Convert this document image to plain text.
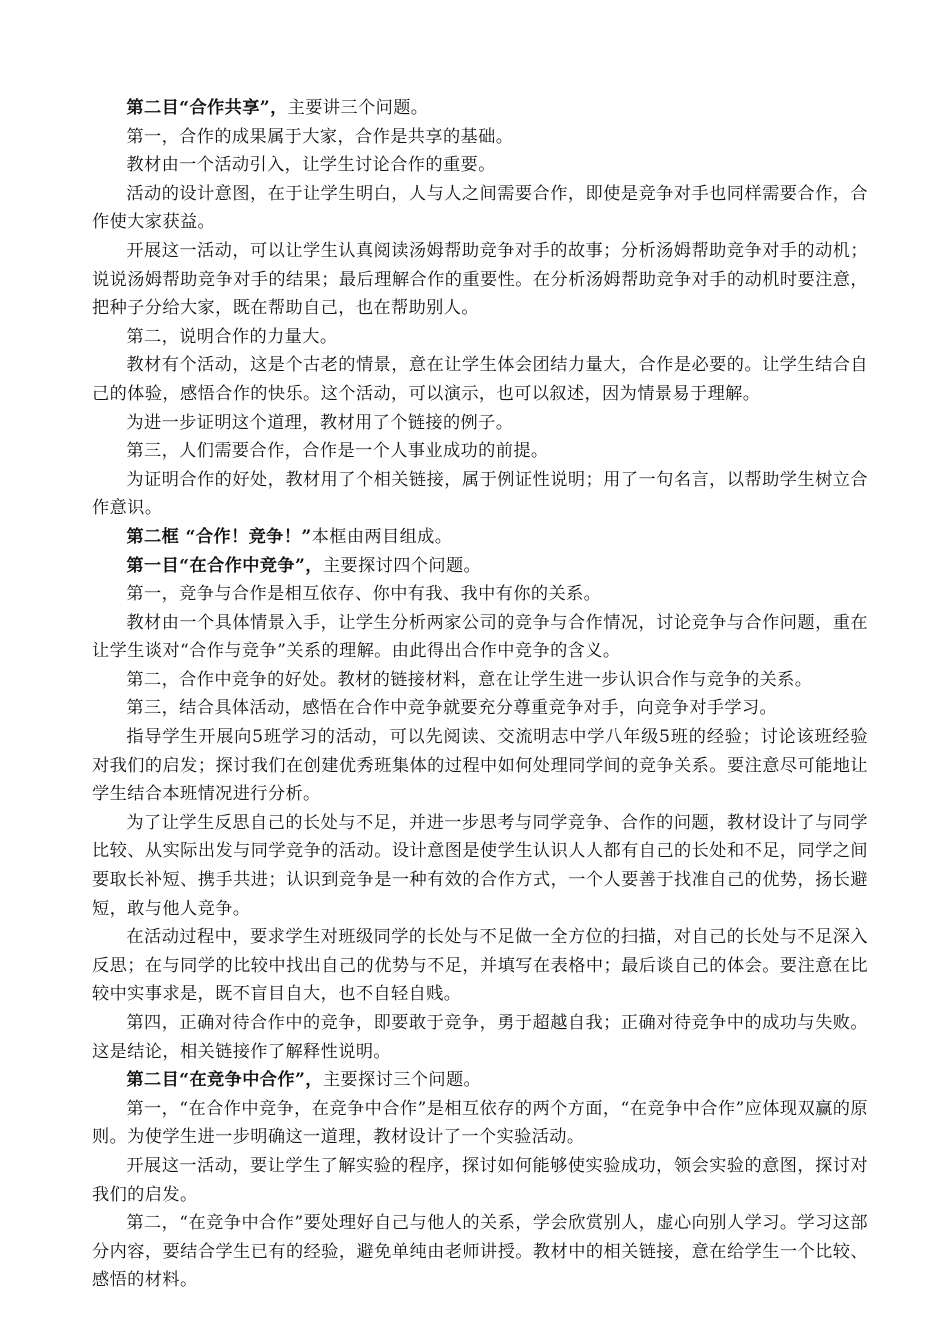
第二目“合作共享”，主要讲三个问题。

第一，合作的成果属于大家，合作是共享的基础。

教材由一个活动引入，让学生讨论合作的重要。

活动的设计意图，在于让学生明白，人与人之间需要合作，即使是竞争对手也同样需要合作，合作使大家获益。

开展这一活动，可以让学生认真阅读汤姆帮助竞争对手的故事；分析汤姆帮助竞争对手的动机；说说汤姆帮助竞争对手的结果；最后理解合作的重要性。在分析汤姆帮助竞争对手的动机时要注意，把种子分给大家，既在帮助自己，也在帮助别人。

第二，说明合作的力量大。

教材有个活动，这是个古老的情景，意在让学生体会团结力量大，合作是必要的。让学生结合自己的体验，感悟合作的快乐。这个活动，可以演示，也可以叙述，因为情景易于理解。

为进一步证明这个道理，教材用了个链接的例子。

第三，人们需要合作，合作是一个人事业成功的前提。

为证明合作的好处，教材用了个相关链接，属于例证性说明；用了一句名言，以帮助学生树立合作意识。

第二框 “合作！竞争！”本框由两目组成。

第一目“在合作中竞争”，主要探讨四个问题。

第一，竞争与合作是相互依存、你中有我、我中有你的关系。

教材由一个具体情景入手，让学生分析两家公司的竞争与合作情况，讨论竞争与合作问题，重在让学生谈对“合作与竞争”关系的理解。由此得出合作中竞争的含义。

第二，合作中竞争的好处。教材的链接材料，意在让学生进一步认识合作与竞争的关系。

第三，结合具体活动，感悟在合作中竞争就要充分尊重竞争对手，向竞争对手学习。

指导学生开展向5班学习的活动，可以先阅读、交流明志中学八年级5班的经验；讨论该班经验对我们的启发；探讨我们在创建优秀班集体的过程中如何处理同学间的竞争关系。要注意尽可能地让学生结合本班情况进行分析。

为了让学生反思自己的长处与不足，并进一步思考与同学竞争、合作的问题，教材设计了与同学比较、从实际出发与同学竞争的活动。设计意图是使学生认识人人都有自己的长处和不足，同学之间要取长补短、携手共进；认识到竞争是一种有效的合作方式，一个人要善于找准自己的优势，扬长避短，敢与他人竞争。

在活动过程中，要求学生对班级同学的长处与不足做一全方位的扫描，对自己的长处与不足深入反思；在与同学的比较中找出自己的优势与不足，并填写在表格中；最后谈自己的体会。要注意在比较中实事求是，既不盲目自大，也不自轻自贱。

第四，正确对待合作中的竞争，即要敢于竞争，勇于超越自我；正确对待竞争中的成功与失败。这是结论，相关链接作了解释性说明。

第二目“在竞争中合作”，主要探讨三个问题。

第一，“在合作中竞争，在竞争中合作”是相互依存的两个方面，“在竞争中合作”应体现双赢的原则。为使学生进一步明确这一道理，教材设计了一个实验活动。

开展这一活动，要让学生了解实验的程序，探讨如何能够使实验成功，领会实验的意图，探讨对我们的启发。

第二，“在竞争中合作”要处理好自己与他人的关系，学会欣赏别人，虚心向别人学习。学习这部分内容，要结合学生已有的经验，避免单纯由老师讲授。教材中的相关链接，意在给学生一个比较、感悟的材料。
